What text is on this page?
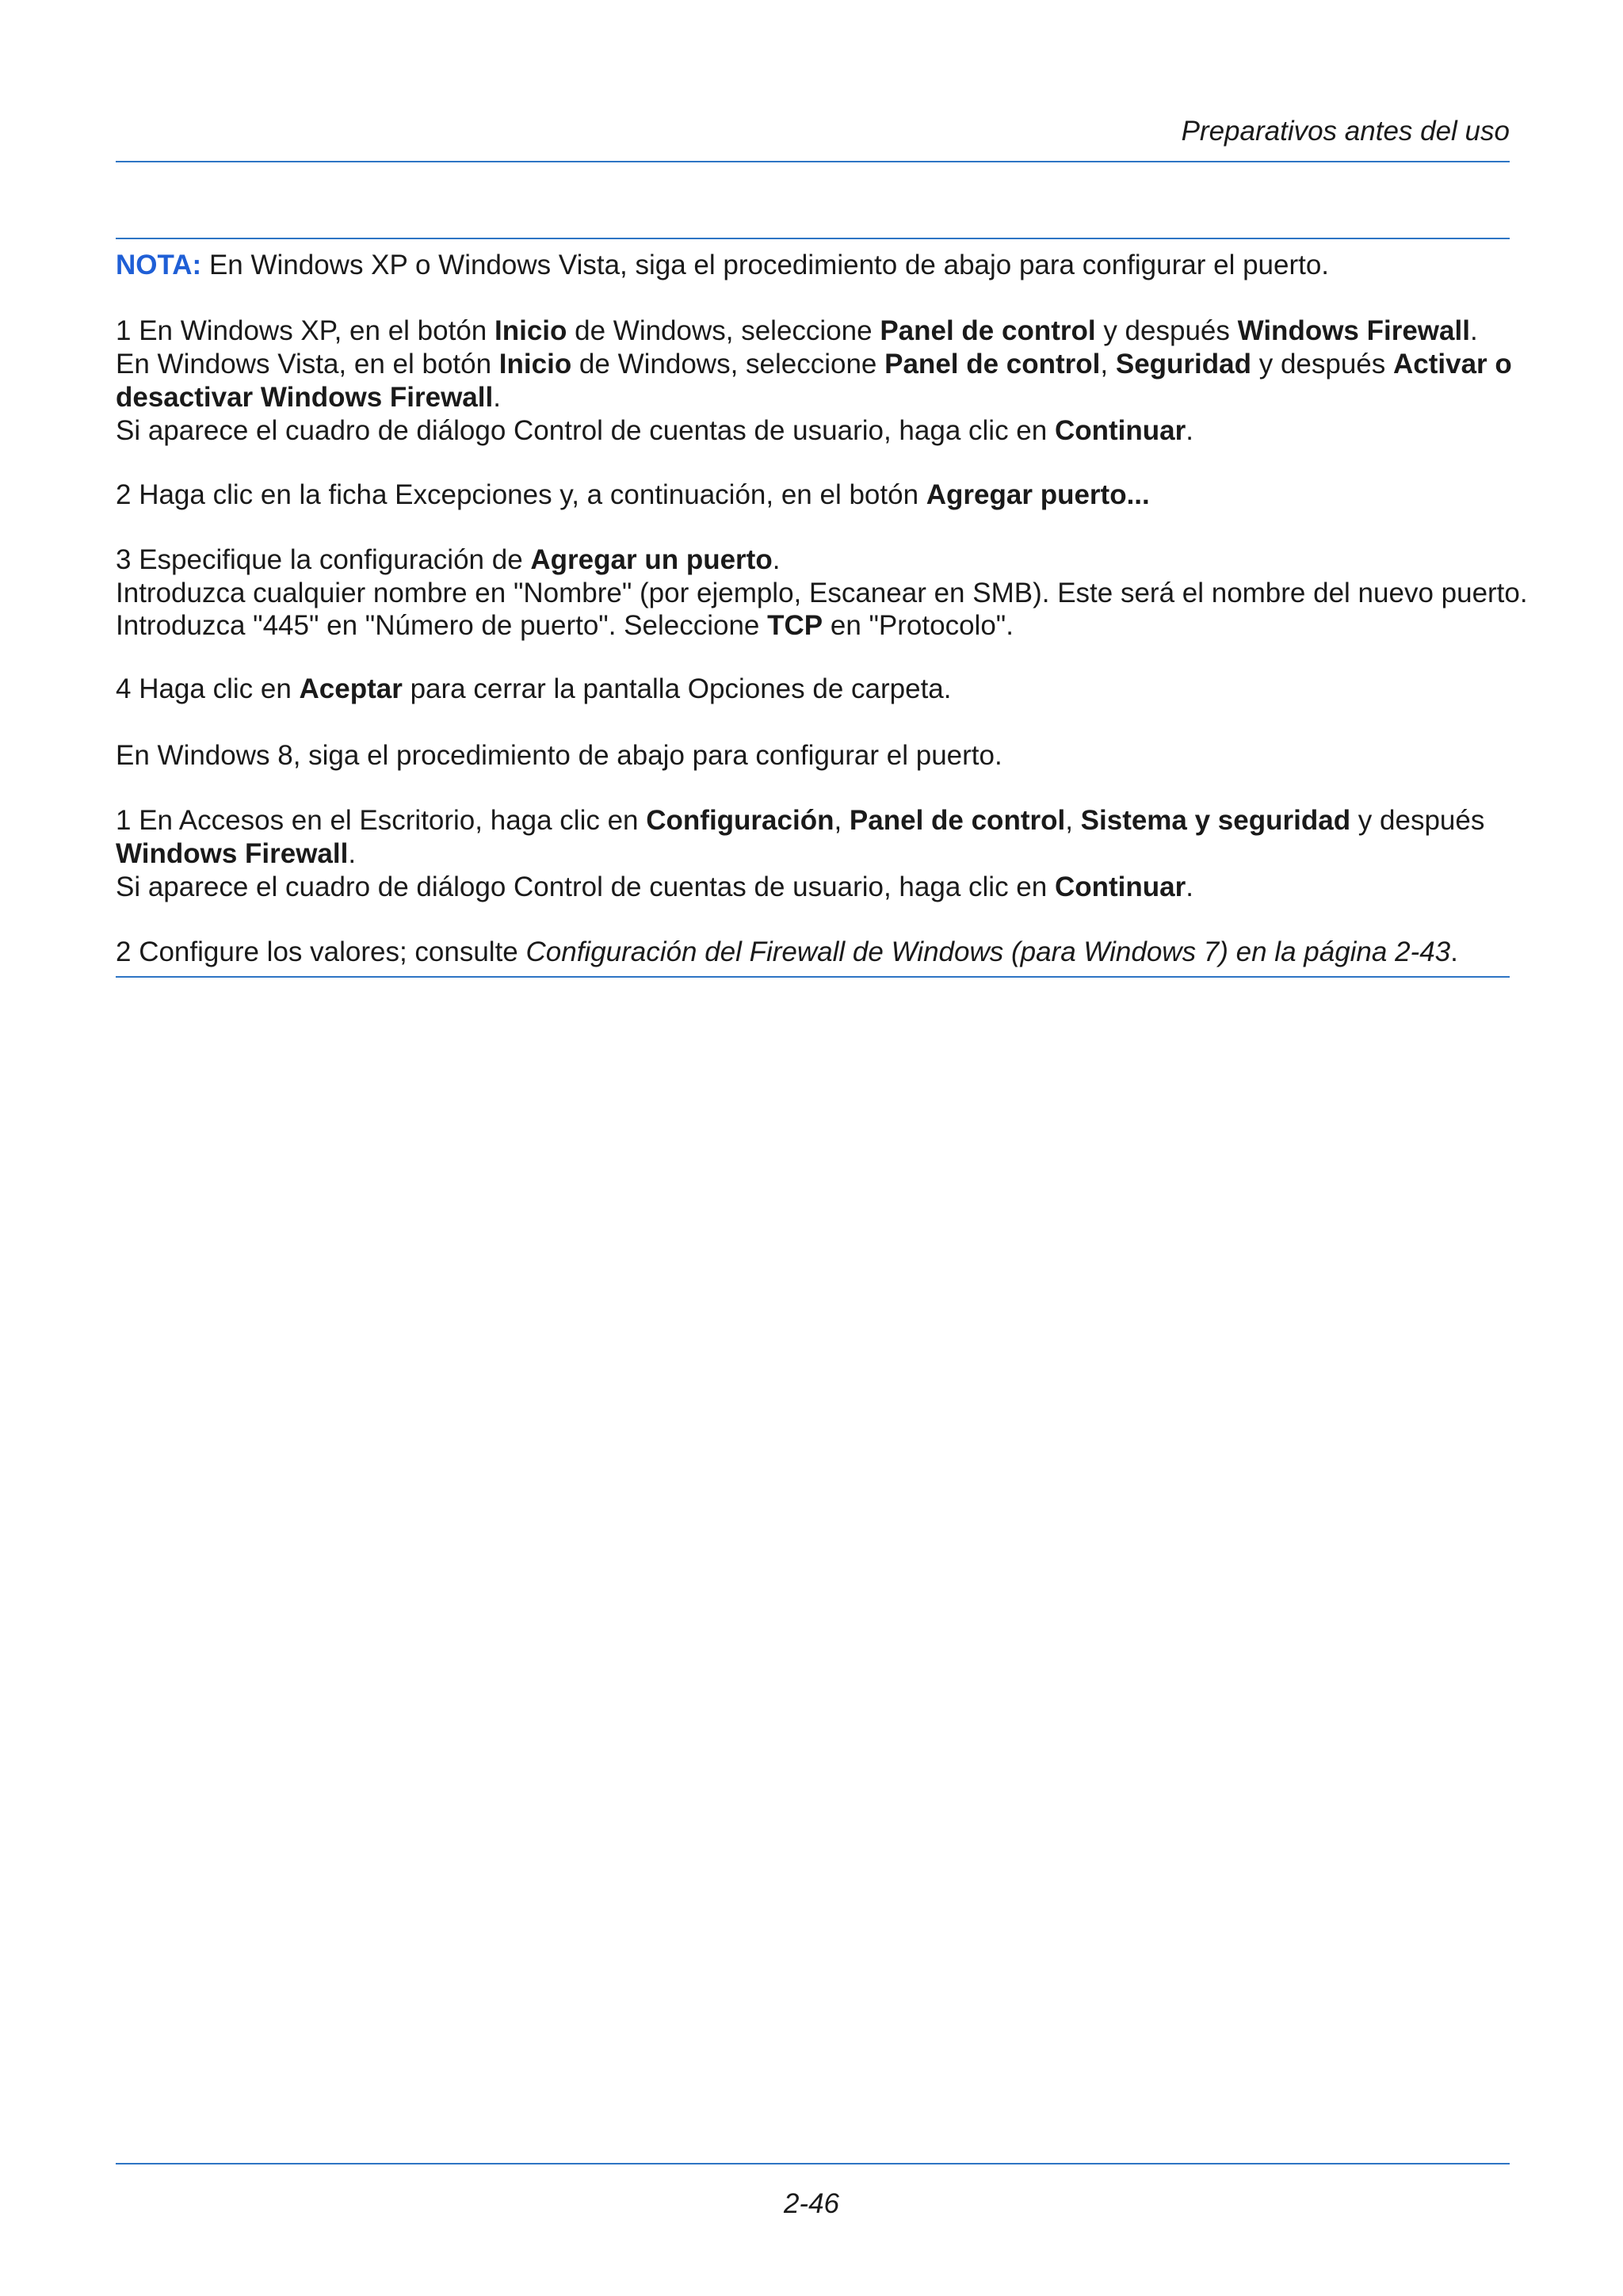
Preparativos antes del uso
NOTA: En Windows XP o Windows Vista, siga el procedimiento de abajo para configurar el puerto.
1 En Windows XP, en el botón Inicio de Windows, seleccione Panel de control y después Windows Firewall.
En Windows Vista, en el botón Inicio de Windows, seleccione Panel de control, Seguridad y después Activar o
desactivar Windows Firewall.
Si aparece el cuadro de diálogo Control de cuentas de usuario, haga clic en Continuar.
2 Haga clic en la ficha Excepciones y, a continuación, en el botón Agregar puerto...
3 Especifique la configuración de Agregar un puerto.
Introduzca cualquier nombre en "Nombre" (por ejemplo, Escanear en SMB). Este será el nombre del nuevo puerto.
Introduzca "445" en "Número de puerto". Seleccione TCP en "Protocolo".
4 Haga clic en Aceptar para cerrar la pantalla Opciones de carpeta.
En Windows 8, siga el procedimiento de abajo para configurar el puerto.
1 En Accesos en el Escritorio, haga clic en Configuración, Panel de control, Sistema y seguridad y después
Windows Firewall.
Si aparece el cuadro de diálogo Control de cuentas de usuario, haga clic en Continuar.
2 Configure los valores; consulte Configuración del Firewall de Windows (para Windows 7) en la página 2-43.
2-46
